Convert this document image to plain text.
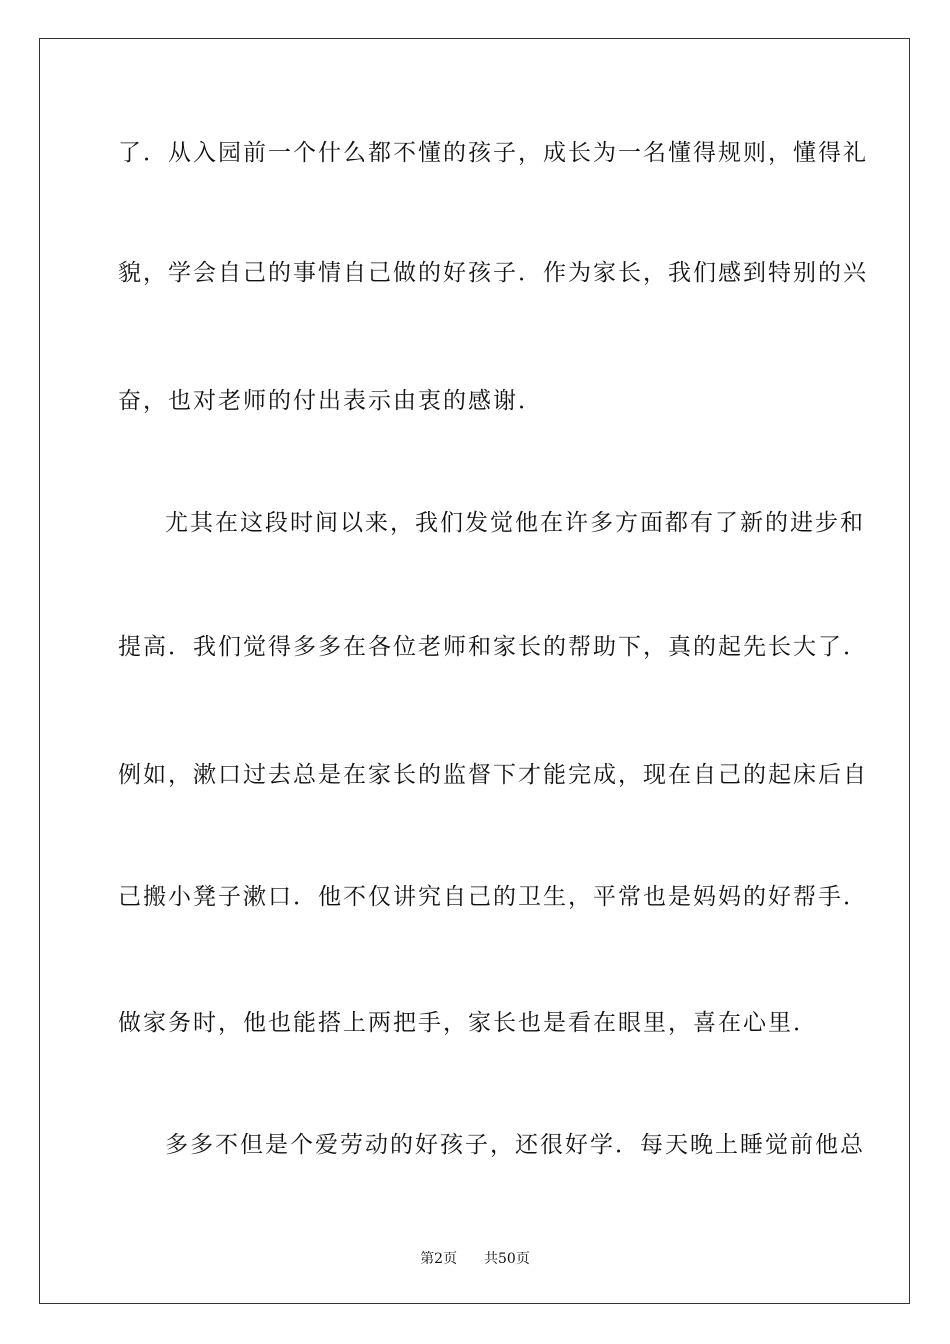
了．从入园前一个什么都不懂的孩子，成长为一名懂得规则，懂得礼
貌，学会自己的事情自己做的好孩子．作为家长，我们感到特别的兴
奋，也对老师的付出表示由衷的感谢．
尤其在这段时间以来，我们发觉他在许多方面都有了新的进步和
提高．我们觉得多多在各位老师和家长的帮助下，真的起先长大了．
例如，漱口过去总是在家长的监督下才能完成，现在自己的起床后自
己搬小凳子漱口．他不仅讲究自己的卫生，平常也是妈妈的好帮手．
做家务时，他也能搭上两把手，家长也是看在眼里，喜在心里．
多多不但是个爱劳动的好孩子，还很好学．每天晚上睡觉前他总
第2页 共50页
